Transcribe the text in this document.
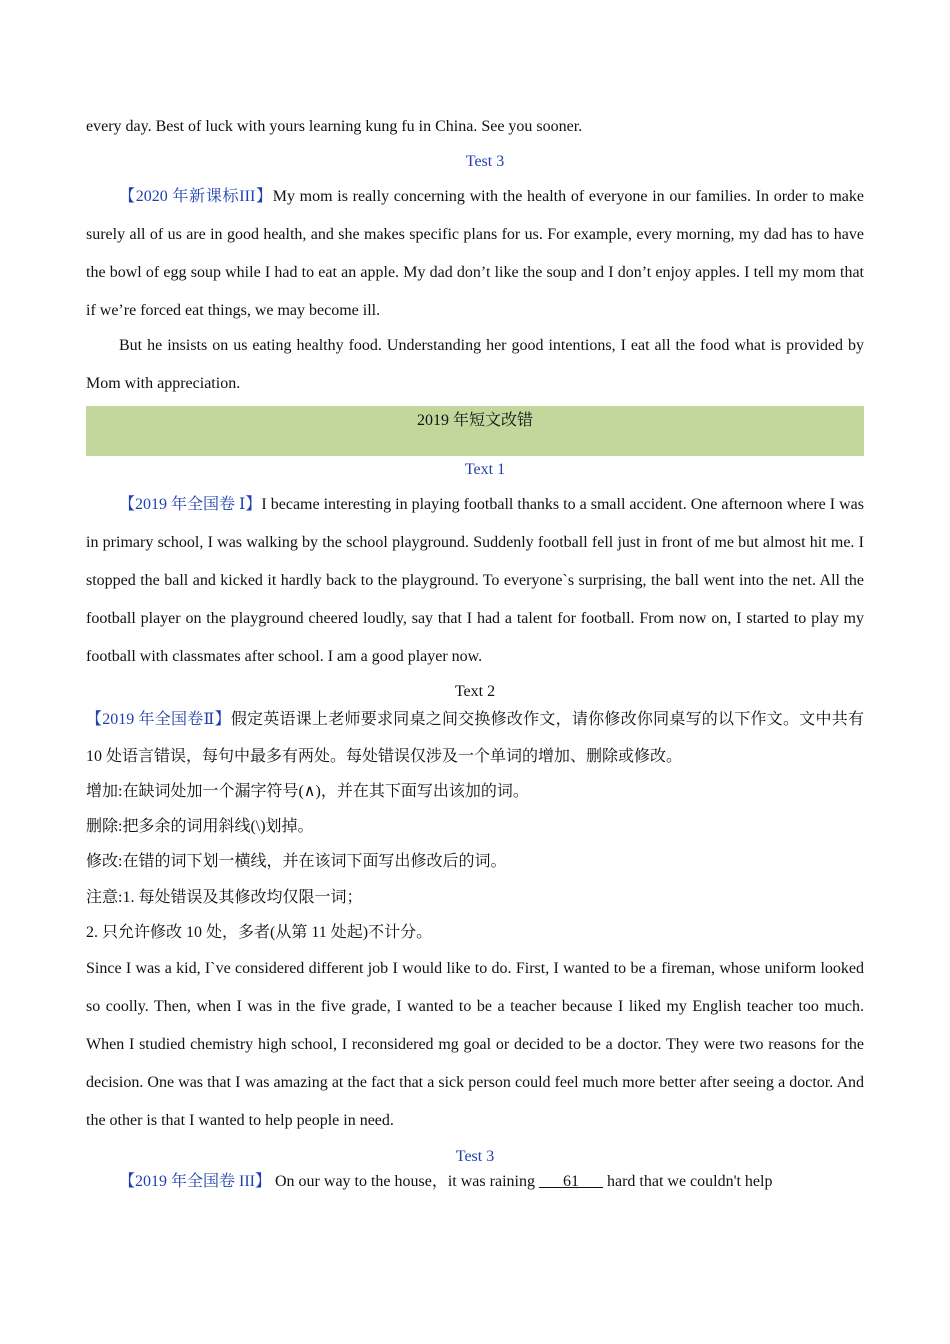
every day. Best of luck with yours learning kung fu in China. See you sooner.

Test 3

【2020 年新课标III】My mom is really concerning with the health of everyone in our families. In order to make surely all of us are in good health, and she makes specific plans for us. For example, every morning, my dad has to have the bowl of egg soup while I had to eat an apple. My dad don’t like the soup and I don’t enjoy apples. I tell my mom that if we’re forced eat things, we may become ill.

But he insists on us eating healthy food. Understanding her good intentions, I eat all the food what is provided by Mom with appreciation.

2019 年短文改错

Text 1

【2019 年全国卷 Ⅰ】I became interesting in playing football thanks to a small accident. One afternoon where I was in primary school, I was walking by the school playground. Suddenly football fell just in front of me but almost hit me. I stopped the ball and kicked it hardly back to the playground. To everyone`s surprising, the ball went into the net. All the football player on the playground cheered loudly, say that I had a talent for football. From now on, I started to play my football with classmates after school. I am a good player now.

Text 2

【2019 年全国卷Ⅱ】假定英语课上老师要求同桌之间交换修改作文，请你修改你同桌写的以下作文。文中共有 10 处语言错误，每句中最多有两处。每处错误仅涉及一个单词的增加、删除或修改。

增加:在缺词处加一个漏字符号(∧)，并在其下面写出该加的词。

删除:把多余的词用斜线(\)划掉。

修改:在错的词下划一横线，并在该词下面写出修改后的词。

注意:1. 每处错误及其修改均仅限一词；

2. 只允许修改 10 处，多者(从第 11 处起)不计分。

Since I was a kid, I`ve considered different job I would like to do. First, I wanted to be a fireman, whose uniform looked so coolly. Then, when I was in the five grade, I wanted to be a teacher because I liked my English teacher too much. When I studied chemistry high school, I reconsidered mg goal or decided to be a doctor. They were two reasons for the decision. One was that I was amazing at the fact that a sick person could feel much more better after seeing a doctor. And the other is that I wanted to help people in need.

Test 3

【2019 年全国卷 III】 On our way to the house，it was raining ___61___ hard that we couldn't help
